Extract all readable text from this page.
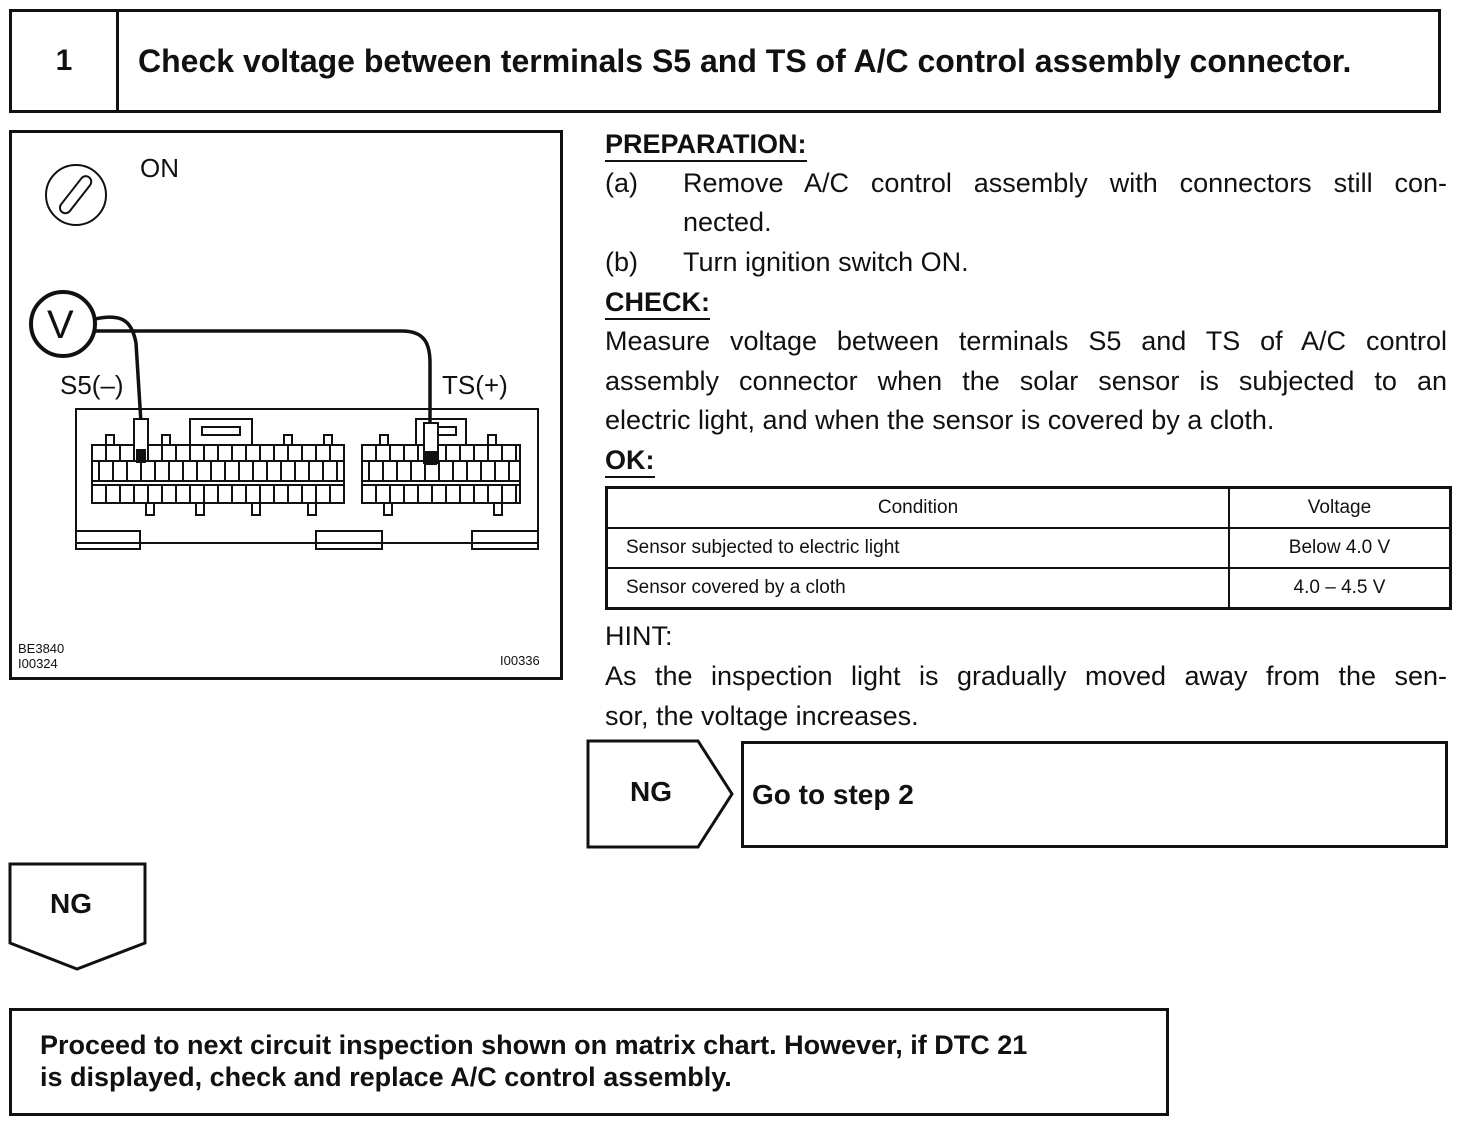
1	Check voltage between terminals S5 and TS of A/C control assembly connector.
ON
V
S5(–)	TS(+)
BE3840
I00324	I00336
PREPARATION:
(a) Remove A/C control assembly with connectors still con-
nected.
(b) Turn ignition switch ON.
CHECK:
Measure voltage between terminals S5 and TS of A/C control
assembly connector when the solar sensor is subjected to an
electric light, and when the sensor is covered by a cloth.
OK:
Condition	Voltage
Sensor subjected to electric light	Below 4.0 V
Sensor covered by a cloth	4.0 – 4.5 V
HINT:
As the inspection light is gradually moved away from the sen-
sor, the voltage increases.
NG	Go to step 2
NG
Proceed to next circuit inspection shown on matrix chart. However, if DTC 21
is displayed, check and replace A/C control assembly.
